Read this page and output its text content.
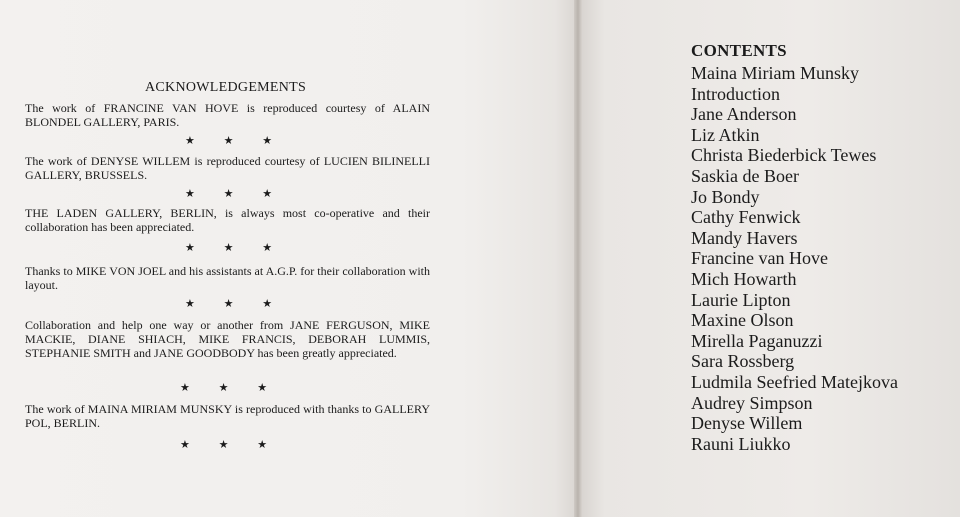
ACKNOWLEDGEMENTS
The work of FRANCINE VAN HOVE is reproduced courtesy of ALAIN BLONDEL GALLERY, PARIS.
★ ★ ★
The work of DENYSE WILLEM is reproduced courtesy of LUCIEN BILINELLI GALLERY, BRUSSELS.
★ ★ ★
THE LADEN GALLERY, BERLIN, is always most co-operative and their collaboration has been appreciated.
★ ★ ★
Thanks to MIKE VON JOEL and his assistants at A.G.P. for their collaboration with layout.
★ ★ ★
Collaboration and help one way or another from JANE FERGUSON, MIKE MACKIE, DIANE SHIACH, MIKE FRANCIS, DEBORAH LUMMIS, STEPHANIE SMITH and JANE GOODBODY has been greatly appreciated.
★ ★ ★
The work of MAINA MIRIAM MUNSKY is reproduced with thanks to GALLERY POL, BERLIN.
★ ★ ★
CONTENTS
Maina Miriam Munsky
Introduction
Jane Anderson
Liz Atkin
Christa Biederbick Tewes
Saskia de Boer
Jo Bondy
Cathy Fenwick
Mandy Havers
Francine van Hove
Mich Howarth
Laurie Lipton
Maxine Olson
Mirella Paganuzzi
Sara Rossberg
Ludmila Seefried Matejkova
Audrey Simpson
Denyse Willem
Rauni Liukko
